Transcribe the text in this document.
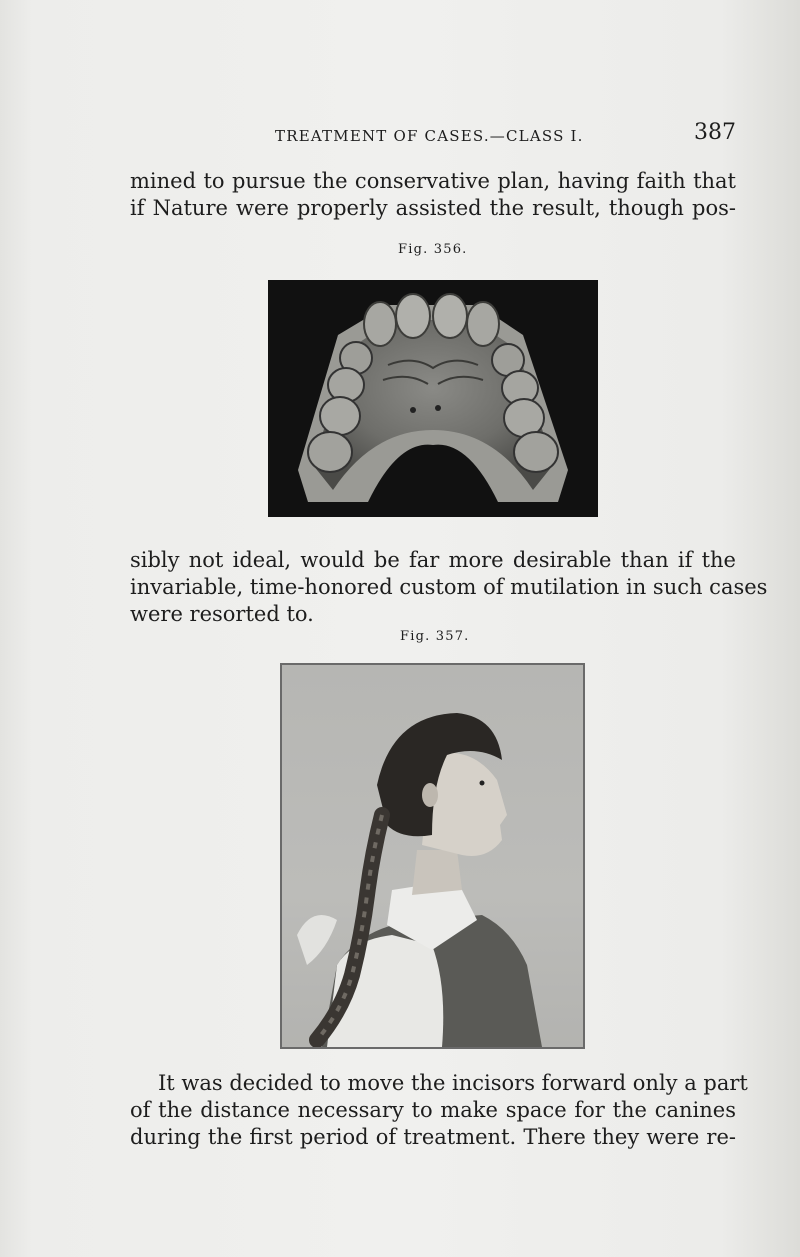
TREATMENT OF CASES.—CLASS I.	387

mined to pursue the conservative plan, having faith that
if Nature were properly assisted the result, though pos-

Fig. 356.

sibly not ideal, would be far more desirable than if the
invariable, time-honored custom of mutilation in such cases
were resorted to.

Fig. 357.

It was decided to move the incisors forward only a part
of the distance necessary to make space for the canines
during the first period of treatment. There they were re-
